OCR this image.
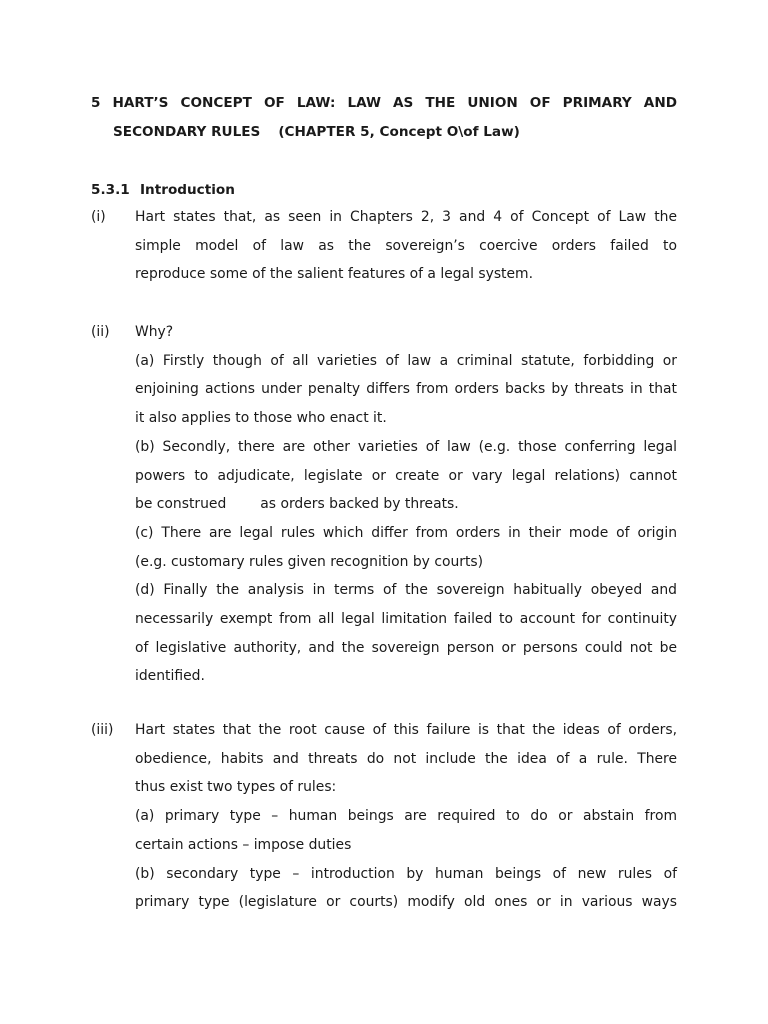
5 HART’S CONCEPT OF LAW: LAW AS THE UNION OF PRIMARY AND
SECONDARY RULES (CHAPTER 5, Concept O\of Law)
5.3.1 Introduction
(i) Hart states that, as seen in Chapters 2, 3 and 4 of Concept of Law the
simple model of law as the sovereign’s coercive orders failed to
reproduce some of the salient features of a legal system.
(ii) Why?
(a) Firstly though of all varieties of law a criminal statute, forbidding or
enjoining actions under penalty differs from orders backs by threats in that
it also applies to those who enact it.
(b) Secondly, there are other varieties of law (e.g. those conferring legal
powers to adjudicate, legislate or create or vary legal relations) cannot
be construed as orders backed by threats.
(c) There are legal rules which differ from orders in their mode of origin
(e.g. customary rules given recognition by courts)
(d) Finally the analysis in terms of the sovereign habitually obeyed and
necessarily exempt from all legal limitation failed to account for continuity
of legislative authority, and the sovereign person or persons could not be
identified.
(iii) Hart states that the root cause of this failure is that the ideas of orders,
obedience, habits and threats do not include the idea of a rule. There
thus exist two types of rules:
(a) primary type – human beings are required to do or abstain from
certain actions – impose duties
(b) secondary type – introduction by human beings of new rules of
primary type (legislature or courts) modify old ones or in various ways
